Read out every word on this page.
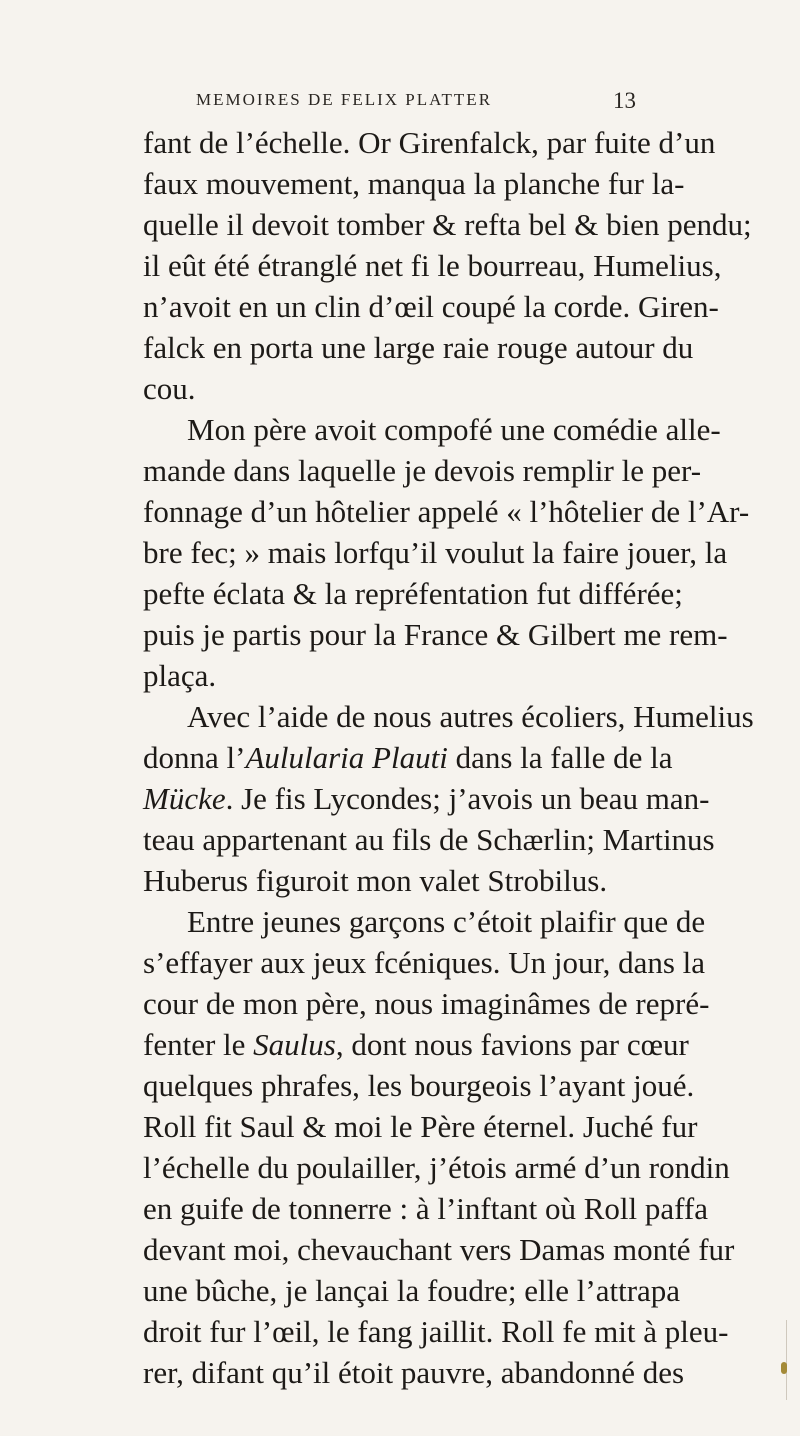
MEMOIRES DE FELIX PLATTER	13
fant de l’échelle. Or Girenfalck, par fuite d’un
faux mouvement, manqua la planche fur la-
quelle il devoit tomber & refta bel & bien pendu;
il eût été étranglé net fi le bourreau, Humelius,
n’avoit en un clin d’œil coupé la corde. Giren-
falck en porta une large raie rouge autour du
cou.
Mon père avoit compofé une comédie alle-
mande dans laquelle je devois remplir le per-
fonnage d’un hôtelier appelé « l’hôtelier de l’Ar-
bre fec; » mais lorfqu’il voulut la faire jouer, la
pefte éclata & la repréfentation fut différée;
puis je partis pour la France & Gilbert me rem-
plaça.
Avec l’aide de nous autres écoliers, Humelius
donna l’Aulularia Plauti dans la falle de la
Mücke. Je fis Lycondes; j’avois un beau man-
teau appartenant au fils de Schærlin; Martinus
Huberus figuroit mon valet Strobilus.
Entre jeunes garçons c’étoit plaifir que de
s’effayer aux jeux fcéniques. Un jour, dans la
cour de mon père, nous imaginâmes de repré-
fenter le Saulus, dont nous favions par cœur
quelques phrafes, les bourgeois l’ayant joué.
Roll fit Saul & moi le Père éternel. Juché fur
l’échelle du poulailler, j’étois armé d’un rondin
en guife de tonnerre : à l’inftant où Roll paffa
devant moi, chevauchant vers Damas monté fur
une bûche, je lançai la foudre; elle l’attrapa
droit fur l’œil, le fang jaillit. Roll fe mit à pleu-
rer, difant qu’il étoit pauvre, abandonné des
